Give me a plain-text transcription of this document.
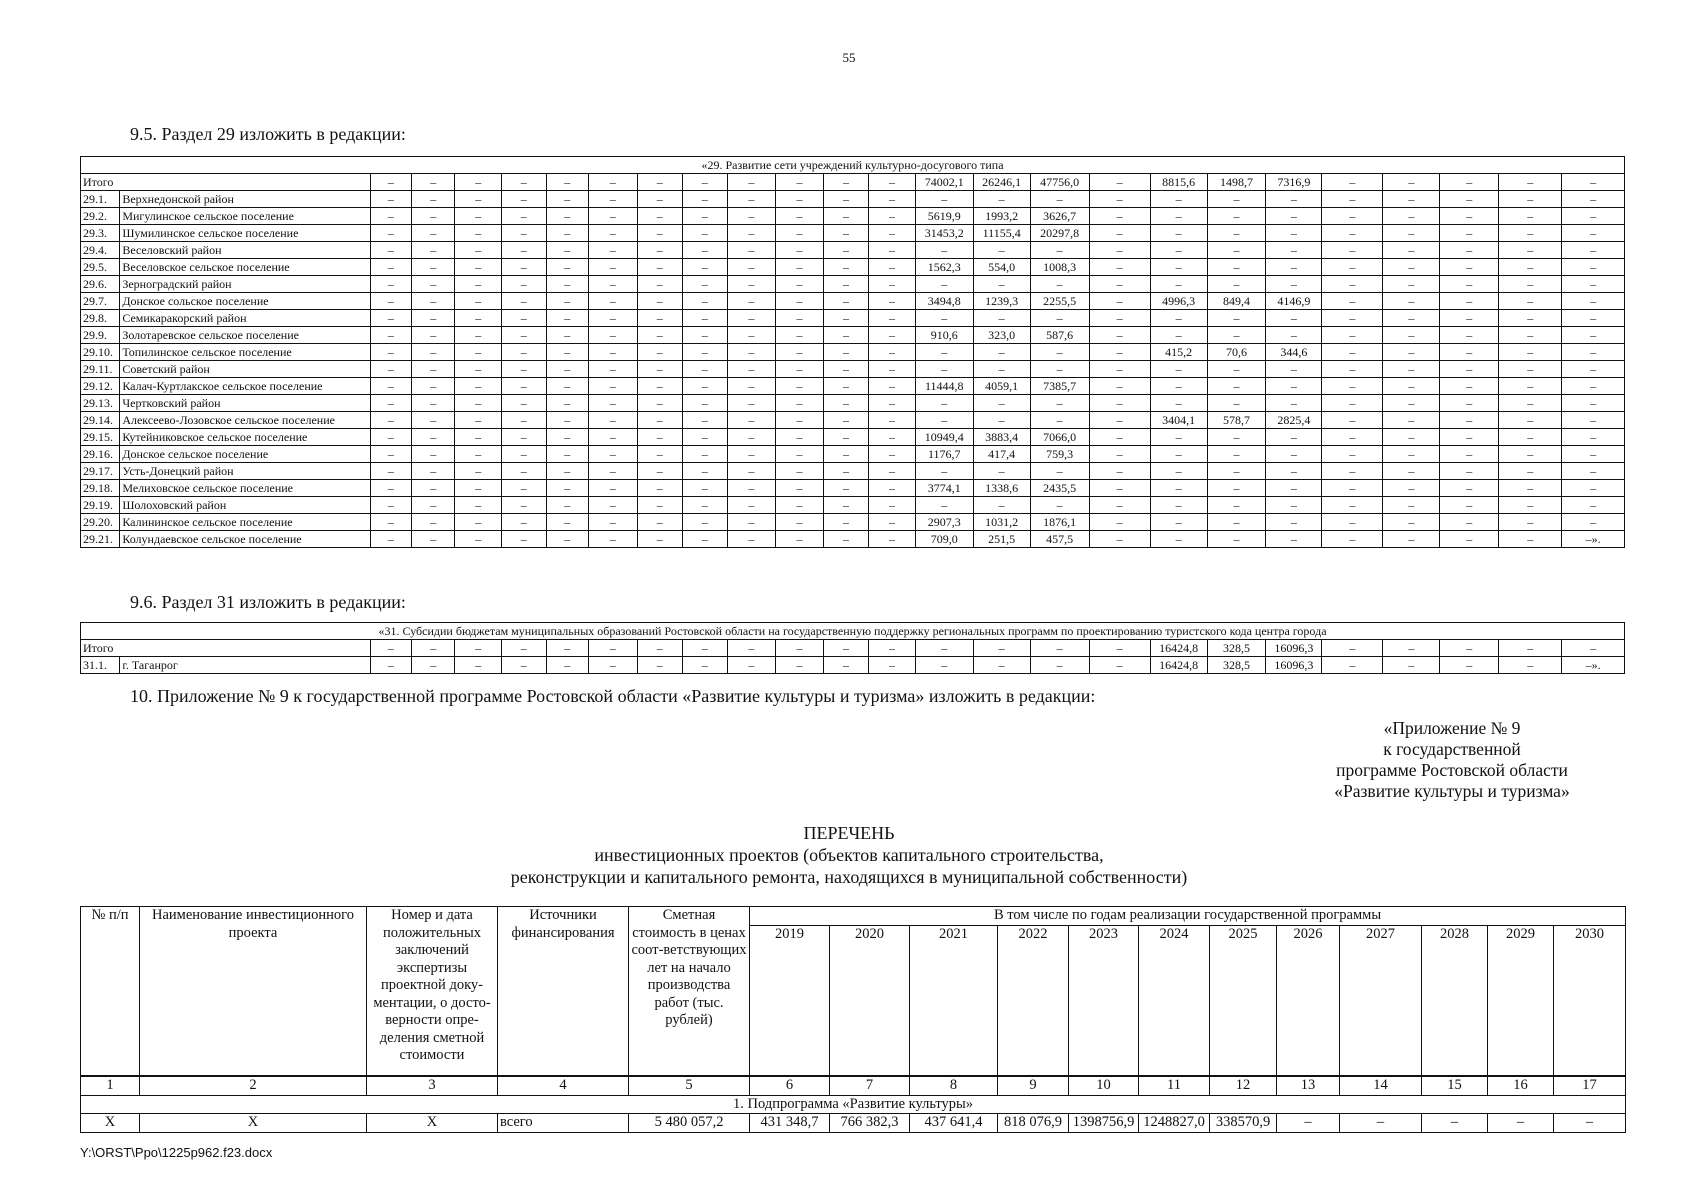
55
9.5. Раздел 29 изложить в редакции:
«29. Развитие сети учреждений культурно-досугового типа																									
Итого		–	–	–	–	–	–	–	–	–	–	–	–	74002,1	26246,1	47756,0	–	8815,6	1498,7	7316,9	–	–	–	–	–
29.1.	Верхнедонской район	–	–	–	–	–	–	–	–	–	–	–	–	–	–	–	–	–	–	–	–	–	–	–	–
29.2.	Мигулинское сельское поселение	–	–	–	–	–	–	–	–	–	–	–	–	5619,9	1993,2	3626,7	–	–	–	–	–	–	–	–	–
29.3.	Шумилинское сельское поселение	–	–	–	–	–	–	–	–	–	–	–	–	31453,2	11155,4	20297,8	–	–	–	–	–	–	–	–	–
29.4.	Веселовский район	–	–	–	–	–	–	–	–	–	–	–	–	–	–	–	–	–	–	–	–	–	–	–	–
29.5.	Веселовское сельское поселение	–	–	–	–	–	–	–	–	–	–	–	–	1562,3	554,0	1008,3	–	–	–	–	–	–	–	–	–
29.6.	Зерноградский район	–	–	–	–	–	–	–	–	–	–	–	–	–	–	–	–	–	–	–	–	–	–	–	–
29.7.	Донское сольское поселение	–	–	–	–	–	–	–	–	–	–	–	–	3494,8	1239,3	2255,5	–	4996,3	849,4	4146,9	–	–	–	–	–
29.8.	Семикаракорский район	–	–	–	–	–	–	–	–	–	–	–	–	–	–	–	–	–	–	–	–	–	–	–	–
29.9.	Золотаревское сельское поселение	–	–	–	–	–	–	–	–	–	–	–	–	910,6	323,0	587,6	–	–	–	–	–	–	–	–	–
29.10.	Топилинское сельское поселение	–	–	–	–	–	–	–	–	–	–	–	–	–	–	–	–	415,2	70,6	344,6	–	–	–	–	–
29.11.	Советский район	–	–	–	–	–	–	–	–	–	–	–	–	–	–	–	–	–	–	–	–	–	–	–	–
29.12.	Калач-Куртлакское сельское поселение	–	–	–	–	–	–	–	–	–	–	–	–	11444,8	4059,1	7385,7	–	–	–	–	–	–	–	–	–
29.13.	Чертковский район	–	–	–	–	–	–	–	–	–	–	–	–	–	–	–	–	–	–	–	–	–	–	–	–
29.14.	Алексеево-Лозовское сельское поселение	–	–	–	–	–	–	–	–	–	–	–	–	–	–	–	–	3404,1	578,7	2825,4	–	–	–	–	–
29.15.	Кутейниковское сельское поселение	–	–	–	–	–	–	–	–	–	–	–	–	10949,4	3883,4	7066,0	–	–	–	–	–	–	–	–	–
29.16.	Донское сельское поселение	–	–	–	–	–	–	–	–	–	–	–	–	1176,7	417,4	759,3	–	–	–	–	–	–	–	–	–
29.17.	Усть-Донецкий район	–	–	–	–	–	–	–	–	–	–	–	–	–	–	–	–	–	–	–	–	–	–	–	–
29.18.	Мелиховское сельское поселение	–	–	–	–	–	–	–	–	–	–	–	–	3774,1	1338,6	2435,5	–	–	–	–	–	–	–	–	–
29.19.	Шолоховский район	–	–	–	–	–	–	–	–	–	–	–	–	–	–	–	–	–	–	–	–	–	–	–	–
29.20.	Калининское сельское поселение	–	–	–	–	–	–	–	–	–	–	–	–	2907,3	1031,2	1876,1	–	–	–	–	–	–	–	–	–
29.21.	Колундаевское сельское поселение	–	–	–	–	–	–	–	–	–	–	–	–	709,0	251,5	457,5	–	–	–	–	–	–	–	–	–».
9.6. Раздел 31 изложить в редакции:
«31. Субсидии бюджетам муниципальных образований Ростовской области на государственную поддержку региональных программ по проектированию туристского кода центра города																									
Итого		–	–	–	–	–	–	–	–	–	–	–	–	–	–	–	–	16424,8	328,5	16096,3	–	–	–	–	–
31.1.	г. Таганрог	–	–	–	–	–	–	–	–	–	–	–	–	–	–	–	–	16424,8	328,5	16096,3	–	–	–	–	–».
10. Приложение № 9 к государственной программе Ростовской области «Развитие культуры и туризма» изложить в редакции:
«Приложение № 9
к государственной
программе Ростовской области
«Развитие культуры и туризма»
ПЕРЕЧЕНЬ
инвестиционных проектов (объектов капитального строительства,
реконструкции и капитального ремонта, находящихся в муниципальной собственности)
№ п/п	Наименование инвестиционного проекта	Номер и дата положительных заключений экспертизы проектной доку-ментации, о досто-верности опре-деления сметной стоимости	Источники финансирования	Сметная стоимость в ценах соот-ветствующих лет на начало производства работ (тыс. рублей)	В том числе по годам реализации государственной программы											
					2019	2020	2021	2022	2023	2024	2025	2026	2027	2028	2029	2030
1	2	3	4	5	6	7	8	9	10	11	12	13	14	15	16	17
1. Подпрограмма «Развитие культуры»																
Х	Х	Х	всего	5 480 057,2	431 348,7	766 382,3	437 641,4	818 076,9	1398756,9	1248827,0	338570,9	–	–	–	–	–
Y:\ORST\Ppo\1225p962.f23.docx
